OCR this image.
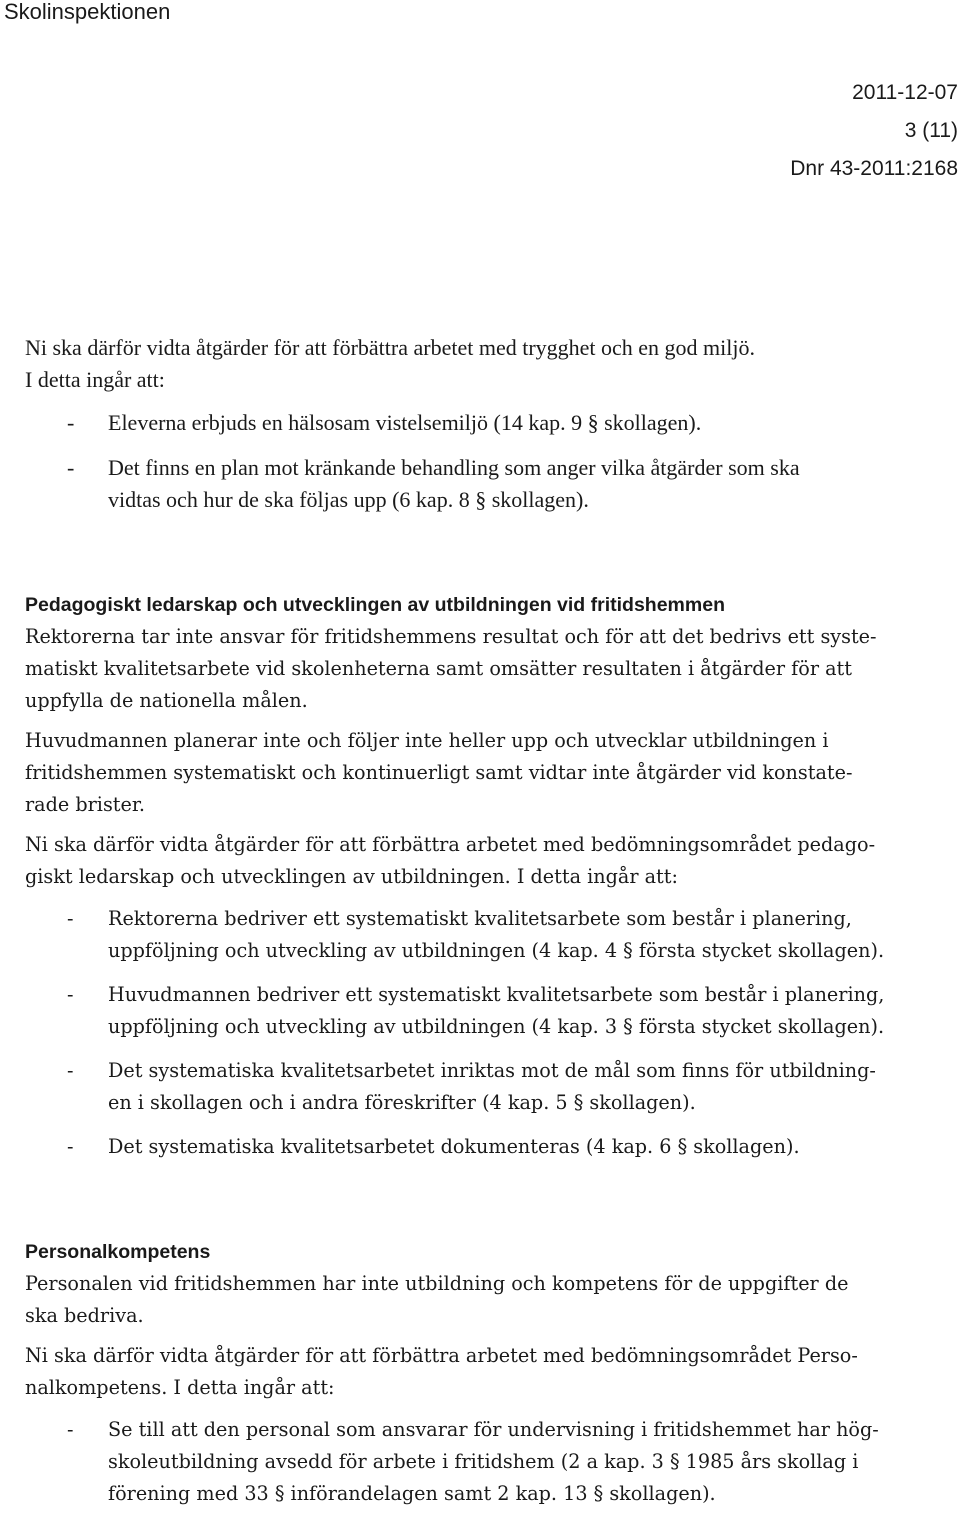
Skolinspektionen
2011-12-07
3 (11)
Dnr 43-2011:2168

Ni ska därför vidta åtgärder för att förbättra arbetet med trygghet och en god miljö.
I detta ingår att:

- Eleverna erbjuds en hälsosam vistelsemiljö (14 kap. 9 § skollagen).
- Det finns en plan mot kränkande behandling som anger vilka åtgärder som ska
vidtas och hur de ska följas upp (6 kap. 8 § skollagen).
Pedagogiskt ledarskap och utvecklingen av utbildningen vid fritidshemmen

Rektorerna tar inte ansvar för fritidshemmens resultat och för att det bedrivs ett syste-
matiskt kvalitetsarbete vid skolenheterna samt omsätter resultaten i åtgärder för att
uppfylla de nationella målen.

Huvudmannen planerar inte och följer inte heller upp och utvecklar utbildningen i
fritidshemmen systematiskt och kontinuerligt samt vidtar inte åtgärder vid konstate-
rade brister.

Ni ska därför vidta åtgärder för att förbättra arbetet med bedömningsområdet pedago-
giskt ledarskap och utvecklingen av utbildningen. I detta ingår att:

- Rektorerna bedriver ett systematiskt kvalitetsarbete som består i planering,
uppföljning och utveckling av utbildningen (4 kap. 4 § första stycket skollagen).
- Huvudmannen bedriver ett systematiskt kvalitetsarbete som består i planering,
uppföljning och utveckling av utbildningen (4 kap. 3 § första stycket skollagen).
- Det systematiska kvalitetsarbetet inriktas mot de mål som finns för utbildning-
en i skollagen och i andra föreskrifter (4 kap. 5 § skollagen).
- Det systematiska kvalitetsarbetet dokumenteras (4 kap. 6 § skollagen).
Personalkompetens

Personalen vid fritidshemmen har inte utbildning och kompetens för de uppgifter de
ska bedriva.

Ni ska därför vidta åtgärder för att förbättra arbetet med bedömningsområdet Perso-
nalkompetens. I detta ingår att:

- Se till att den personal som ansvarar för undervisning i fritidshemmet har hög-
skoleutbildning avsedd för arbete i fritidshem (2 a kap. 3 § 1985 års skollag i
förening med 33 § införandelagen samt 2 kap. 13 § skollagen).
